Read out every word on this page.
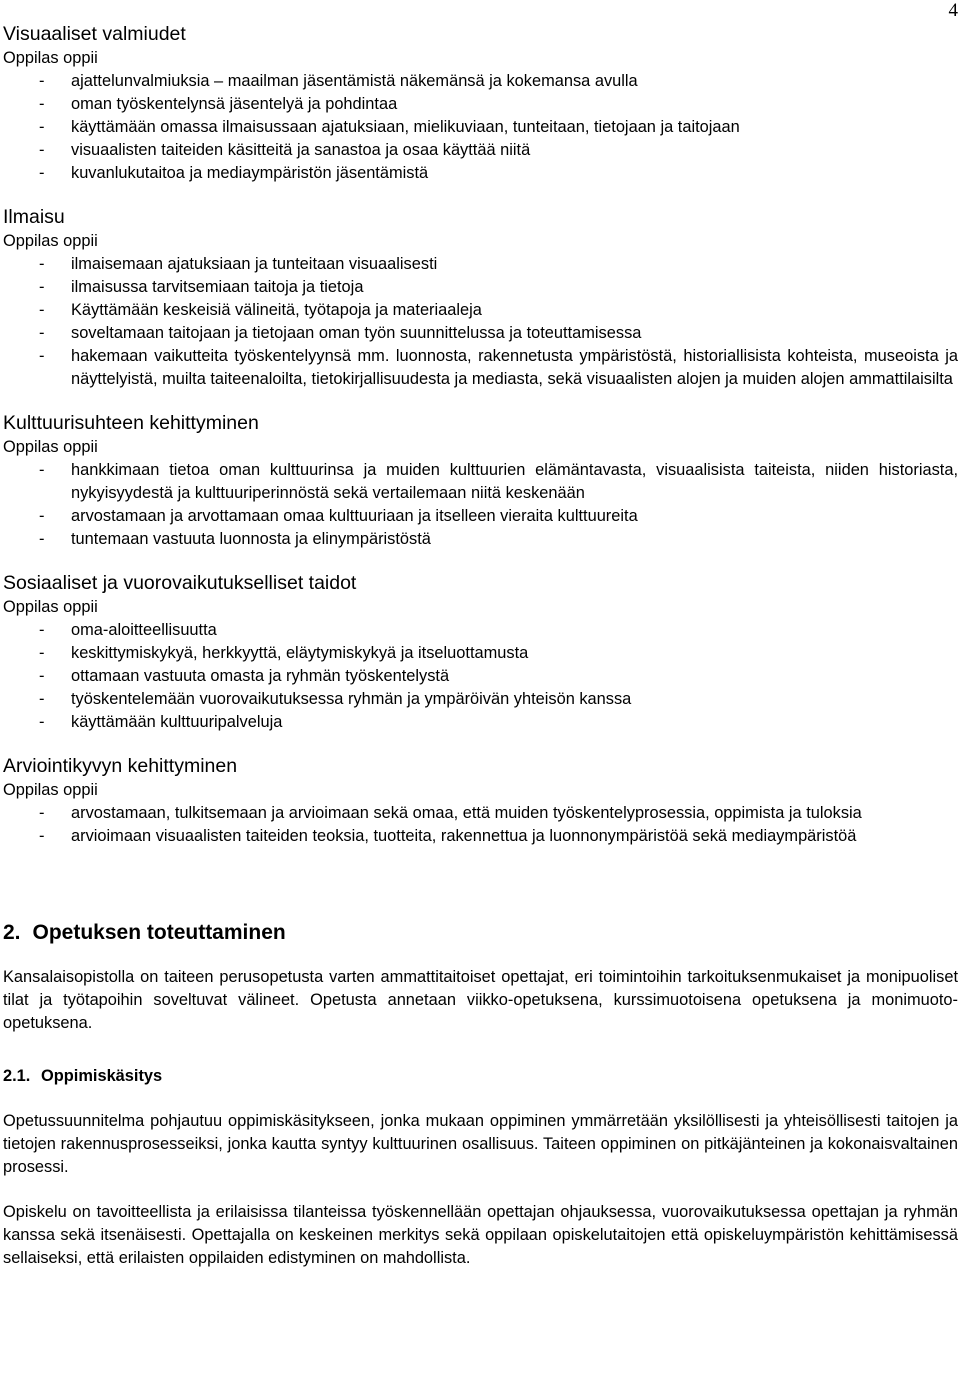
4
Visuaaliset valmiudet
Oppilas oppii
- ajattelunvalmiuksia – maailman jäsentämistä näkemänsä ja kokemansa avulla
- oman työskentelynsä jäsentelyä ja pohdintaa
- käyttämään omassa ilmaisussaan ajatuksiaan, mielikuviaan, tunteitaan, tietojaan ja taitojaan
- visuaalisten taiteiden käsitteitä ja sanastoa ja osaa käyttää niitä
- kuvanlukutaitoa ja mediaympäristön jäsentämistä
Ilmaisu
Oppilas oppii
- ilmaisemaan ajatuksiaan ja tunteitaan visuaalisesti
- ilmaisussa tarvitsemiaan taitoja ja tietoja
- Käyttämään keskeisiä välineitä, työtapoja ja materiaaleja
- soveltamaan taitojaan ja tietojaan oman työn suunnittelussa ja toteuttamisessa
- hakemaan vaikutteita työskentelyynsä mm. luonnosta, rakennetusta ympäristöstä, historiallisista kohteista, museoista ja näyttelyistä, muilta taiteenaloilta, tietokirjallisuudesta ja mediasta, sekä visuaalisten alojen ja muiden alojen ammattilaisilta
Kulttuurisuhteen kehittyminen
Oppilas oppii
- hankkimaan tietoa oman kulttuurinsa ja muiden kulttuurien elämäntavasta, visuaalisista taiteista, niiden historiasta, nykyisyydestä ja kulttuuriperinnöstä sekä vertailemaan niitä keskenään
- arvostamaan ja arvottamaan omaa kulttuuriaan ja itselleen vieraita kulttuureita
- tuntemaan vastuuta luonnosta ja elinympäristöstä
Sosiaaliset ja vuorovaikutukselliset taidot
Oppilas oppii
- oma-aloitteellisuutta
- keskittymiskykyä, herkkyyttä, eläytymiskykyä ja itseluottamusta
- ottamaan vastuuta omasta ja ryhmän työskentelystä
- työskentelemään vuorovaikutuksessa ryhmän ja ympäröivän yhteisön kanssa
- käyttämään kulttuuripalveluja
Arviointikyvyn kehittyminen
Oppilas oppii
- arvostamaan, tulkitsemaan ja arvioimaan sekä omaa, että muiden työskentelyprosessia, oppimista ja tuloksia
- arvioimaan visuaalisten taiteiden teoksia, tuotteita, rakennettua ja luonnonympäristöä sekä mediaympäristöä
2. Opetuksen toteuttaminen

Kansalaisopistolla on taiteen perusopetusta varten ammattitaitoiset opettajat, eri toimintoihin tarkoituksenmukaiset ja monipuoliset tilat ja työtapoihin soveltuvat välineet. Opetusta annetaan viikko-opetuksena, kurssimuotoisena opetuksena ja monimuoto-opetuksena.

2.1. Oppimiskäsitys

Opetussuunnitelma pohjautuu oppimiskäsitykseen, jonka mukaan oppiminen ymmärretään yksilöllisesti ja yhteisöllisesti taitojen ja tietojen rakennusprosesseiksi, jonka kautta syntyy kulttuurinen osallisuus. Taiteen oppiminen on pitkäjänteinen ja kokonaisvaltainen prosessi.

Opiskelu on tavoitteellista ja erilaisissa tilanteissa työskennellään opettajan ohjauksessa, vuorovaikutuksessa opettajan ja ryhmän kanssa sekä itsenäisesti. Opettajalla on keskeinen merkitys sekä oppilaan opiskelutaitojen että opiskeluympäristön kehittämisessä sellaiseksi, että erilaisten oppilaiden edistyminen on mahdollista.
